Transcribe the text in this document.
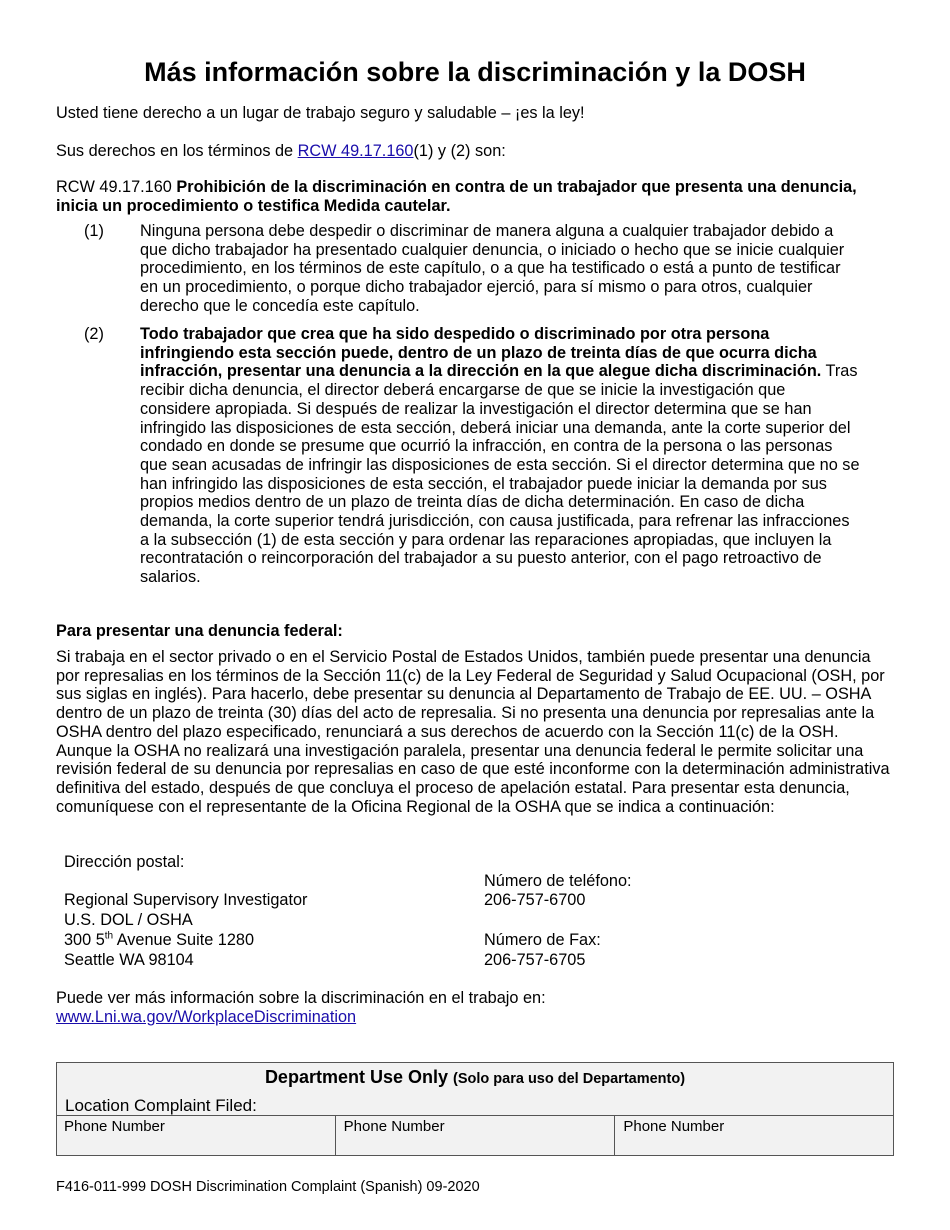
Más información sobre la discriminación y la DOSH

Usted tiene derecho a un lugar de trabajo seguro y saludable – ¡es la ley!

Sus derechos en los términos de RCW 49.17.160(1) y (2) son:

RCW 49.17.160 Prohibición de la discriminación en contra de un trabajador que presenta una denuncia, inicia un procedimiento o testifica Medida cautelar.

(1) Ninguna persona debe despedir o discriminar de manera alguna a cualquier trabajador debido a que dicho trabajador ha presentado cualquier denuncia, o iniciado o hecho que se inicie cualquier procedimiento, en los términos de este capítulo, o a que ha testificado o está a punto de testificar en un procedimiento, o porque dicho trabajador ejerció, para sí mismo o para otros, cualquier derecho que le concedía este capítulo.
(2) Todo trabajador que crea que ha sido despedido o discriminado por otra persona infringiendo esta sección puede, dentro de un plazo de treinta días de que ocurra dicha infracción, presentar una denuncia a la dirección en la que alegue dicha discriminación. Tras recibir dicha denuncia, el director deberá encargarse de que se inicie la investigación que considere apropiada. Si después de realizar la investigación el director determina que se han infringido las disposiciones de esta sección, deberá iniciar una demanda, ante la corte superior del condado en donde se presume que ocurrió la infracción, en contra de la persona o las personas que sean acusadas de infringir las disposiciones de esta sección. Si el director determina que no se han infringido las disposiciones de esta sección, el trabajador puede iniciar la demanda por sus propios medios dentro de un plazo de treinta días de dicha determinación. En caso de dicha demanda, la corte superior tendrá jurisdicción, con causa justificada, para refrenar las infracciones a la subsección (1) de esta sección y para ordenar las reparaciones apropiadas, que incluyen la recontratación o reincorporación del trabajador a su puesto anterior, con el pago retroactivo de salarios.

Para presentar una denuncia federal:

Si trabaja en el sector privado o en el Servicio Postal de Estados Unidos, también puede presentar una denuncia por represalias en los términos de la Sección 11(c) de la Ley Federal de Seguridad y Salud Ocupacional (OSH, por sus siglas en inglés). Para hacerlo, debe presentar su denuncia al Departamento de Trabajo de EE. UU. – OSHA dentro de un plazo de treinta (30) días del acto de represalia. Si no presenta una denuncia por represalias ante la OSHA dentro del plazo especificado, renunciará a sus derechos de acuerdo con la Sección 11(c) de la OSH. Aunque la OSHA no realizará una investigación paralela, presentar una denuncia federal le permite solicitar una revisión federal de su denuncia por represalias en caso de que esté inconforme con la determinación administrativa definitiva del estado, después de que concluya el proceso de apelación estatal. Para presentar esta denuncia, comuníquese con el representante de la Oficina Regional de la OSHA que se indica a continuación:

Dirección postal:
Regional Supervisory Investigator
U.S. DOL / OSHA
300 5th Avenue Suite 1280
Seattle WA 98104
Número de teléfono:
206-757-6700
Número de Fax:
206-757-6705
Puede ver más información sobre la discriminación en el trabajo en:
www.Lni.wa.gov/WorkplaceDiscrimination
Department Use Only (Solo para uso del Departamento)
Location Complaint Filed:
Phone Number	Phone Number	Phone Number
F416-011-999 DOSH Discrimination Complaint (Spanish) 09-2020
